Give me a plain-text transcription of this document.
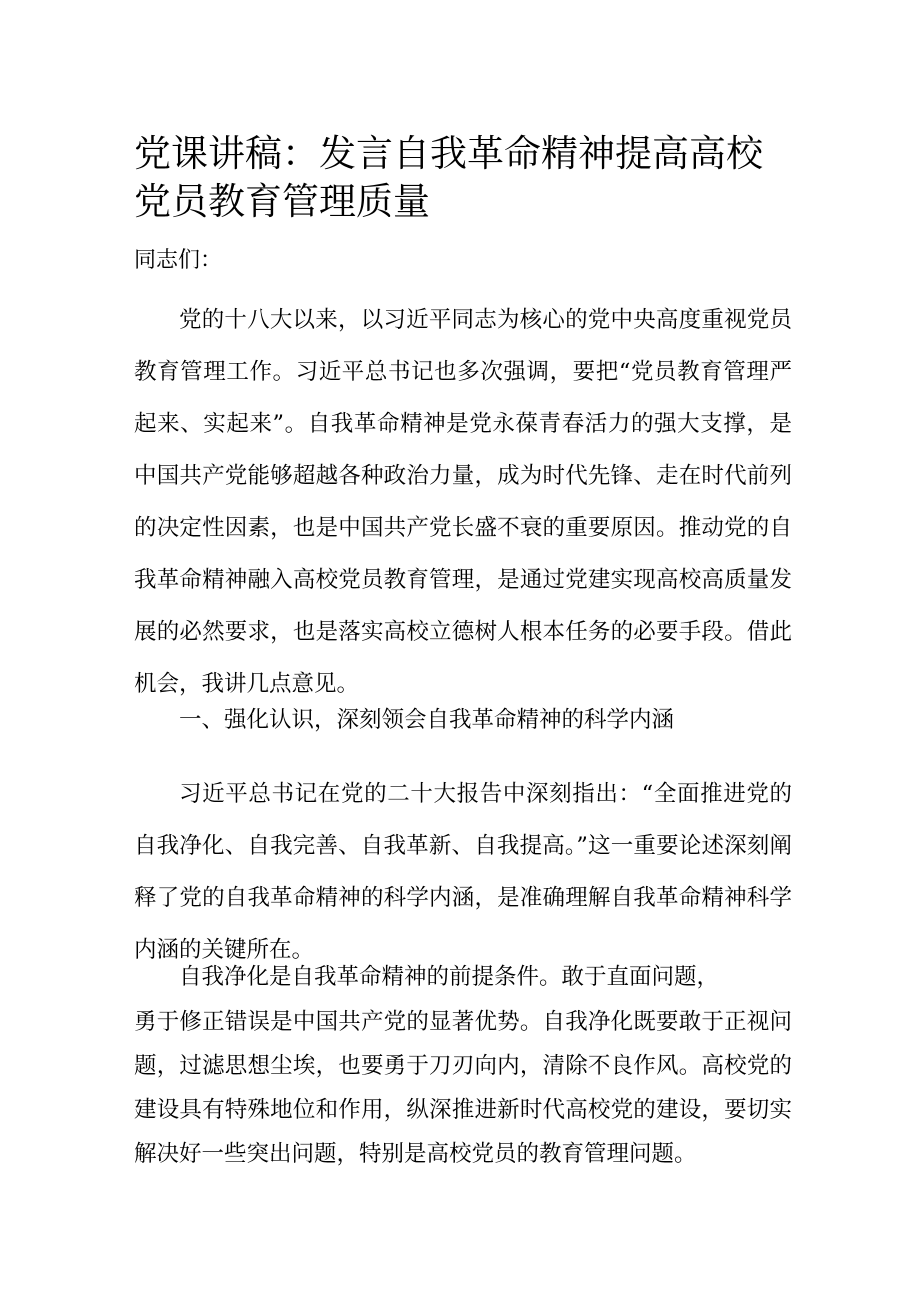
党课讲稿：发言自我革命精神提高高校党员教育管理质量

同志们：

党的十八大以来，以习近平同志为核心的党中央高度重视党员教育管理工作。习近平总书记也多次强调，要把“党员教育管理严起来、实起来”。自我革命精神是党永葆青春活力的强大支撑，是中国共产党能够超越各种政治力量，成为时代先锋、走在时代前列的决定性因素，也是中国共产党长盛不衰的重要原因。推动党的自我革命精神融入高校党员教育管理，是通过党建实现高校高质量发展的必然要求，也是落实高校立德树人根本任务的必要手段。借此机会，我讲几点意见。

一、强化认识，深刻领会自我革命精神的科学内涵

习近平总书记在党的二十大报告中深刻指出：“全面推进党的自我净化、自我完善、自我革新、自我提高。”这一重要论述深刻阐释了党的自我革命精神的科学内涵，是准确理解自我革命精神科学内涵的关键所在。

自我净化是自我革命精神的前提条件。敢于直面问题，

勇于修正错误是中国共产党的显著优势。自我净化既要敢于正视问题，过滤思想尘埃，也要勇于刀刃向内，清除不良作风。高校党的建设具有特殊地位和作用，纵深推进新时代高校党的建设，要切实解决好一些突出问题，特别是高校党员的教育管理问题。
